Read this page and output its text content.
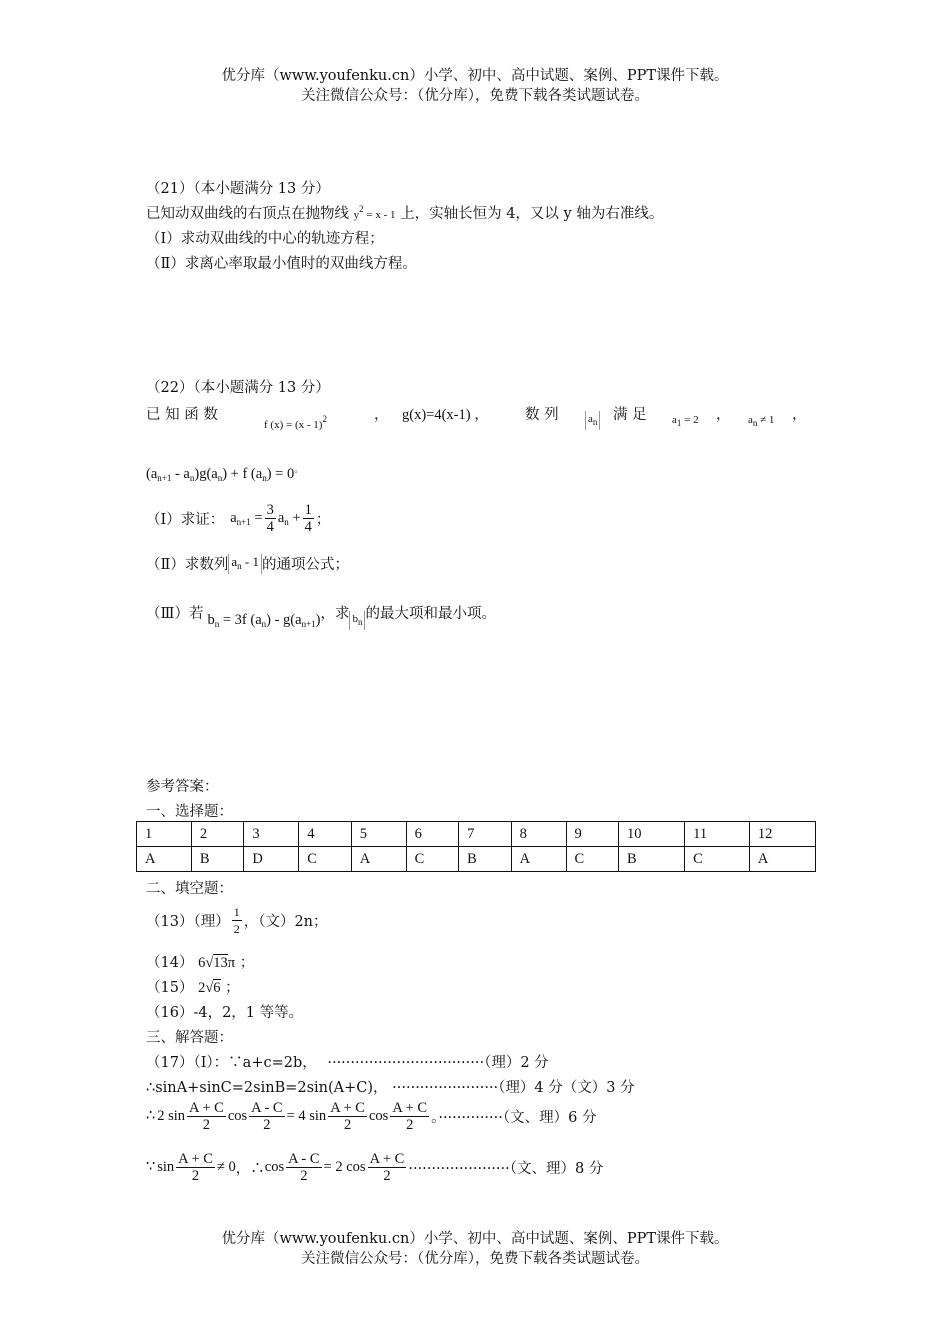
优分库（www.youfenku.cn）小学、初中、高中试题、案例、PPT课件下载。
关注微信公众号：（优分库），免费下载各类试题试卷。
（21）（本小题满分 13 分）
已知动双曲线的右顶点在抛物线 $y^2 = x - 1$ 上，实轴长恒为 4，又以 y 轴为右准线。
（Ⅰ）求动双曲线的中心的轨迹方程；
（Ⅱ）求离心率取最小值时的双曲线方程。
（22）（本小题满分 13 分）
已 知 函 数
f (x) = (x - 1)$^2$	， g(x)=4(x-1) ，	数 列	$a_n$ 满 足 $a_1 = 2$ ， $a_n \ne 1$ ，
$(a_{n+1} - a_n)g(a_n) + f$ $(a_n) = 0^。$
（Ⅰ）求证： $a_{n+1} = \frac{3}{4} a_n + \frac{1}{4}$ ；
（Ⅱ）求数列 $a_n - 1$ 的通项公式；
（Ⅲ）若 $b_n = 3f$ $(a_n) - g(a_{n+1})$ ，求 $b_n$ 的最大项和最小项。
参考答案：
一、选择题：
1	2	3	4	5	6	7	8	9	10	11	12
A	B	D	C	A	C	B	A	C	B	C	A
二、填空题：
（13）（理） $\frac{1}{2}$ ，（文）2n；
（14） 6√13π ；
（15） 2√6 ；
（16）-4，2，1 等等。
三、解答题：
（17）（Ⅰ）：∵a+c=2b， ··································（理）2 分
∴sinA+sinC=2sinB=2sin(A+C)， ·······················（理）4 分（文）3 分
∴ 2 $\sin \frac{A + C}{2}$ $\cos \frac{A - C}{2} = 4$ $\sin \frac{A + C}{2}$ $\cos \frac{A + C}{2}$ 。··············（文、理）6 分
∵ $\sin \frac{A + C}{2} \ne 0$ ，∴ $\cos \frac{A - C}{2} = 2$ $\cos \frac{A + C}{2}$ ······················（文、理）8 分
优分库（www.youfenku.cn）小学、初中、高中试题、案例、PPT课件下载。
关注微信公众号：（优分库），免费下载各类试题试卷。
